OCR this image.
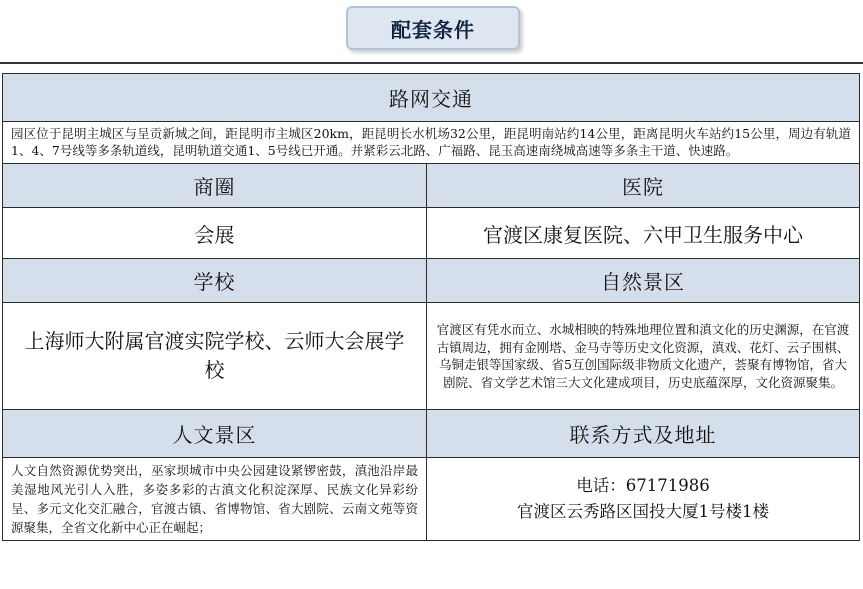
配套条件
路网交通	
园区位于昆明主城区与呈贡新城之间，距昆明市主城区20km，距昆明长水机场32公里，距昆明南站约14公里，距离昆明火车站约15公里，周边有轨道1、4、7号线等多条轨道线，昆明轨道交通1、5号线已开通。并紧彩云北路、广福路、昆玉高速南绕城高速等多条主干道、快速路。	
商圈	医院
会展	官渡区康复医院、六甲卫生服务中心
学校	自然景区
上海师大附属官渡实院学校、云师大会展学校	官渡区有凭水而立、水城相映的特殊地理位置和滇文化的历史渊源，在官渡古镇周边，拥有金刚塔、金马寺等历史文化资源，滇戏、花灯、云子围棋、乌铜走银等国家级、省5互创国际级非物质文化遗产，荟聚有博物馆，省大剧院、省文学艺术馆三大文化建成项目，历史底蕴深厚，文化资源聚集。
人文景区	联系方式及地址
人文自然资源优势突出，巫家坝城市中央公园建设紧锣密鼓，滇池沿岸最美湿地风光引人入胜，多姿多彩的古滇文化积淀深厚、民族文化异彩纷呈、多元文化交汇融合，官渡古镇、省博物馆、省大剧院、云南文苑等资源聚集，全省文化新中心正在崛起；	电话：67171986
官渡区云秀路区国投大厦1号楼1楼
